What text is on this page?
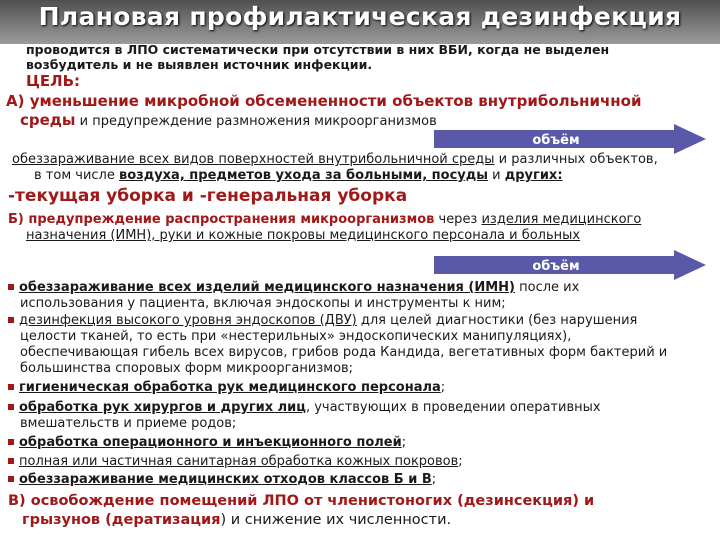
Плановая профилактическая дезинфекция
проводится в ЛПО систематически при отсутствии в них ВБИ, когда не выделен
возбудитель и не выявлен источник инфекции.
ЦЕЛЬ:
А) уменьшение микробной обсемененности объектов внутрибольничной
среды и предупреждение размножения микроорганизмов
объём
обеззараживание всех видов поверхностей внутрибольничной среды и различных объектов,
в том числе воздуха, предметов ухода за больными, посуды и других:
-текущая уборка и -генеральная уборка
Б) предупреждение распространения микроорганизмов через изделия медицинского
назначения (ИМН), руки и кожные покровы медицинского персонала и больных
объём
обеззараживание всех изделий медицинского назначения (ИМН) после их
использования у пациента, включая эндоскопы и инструменты к ним;
дезинфекция высокого уровня эндоскопов (ДВУ) для целей диагностики (без нарушения
целости тканей, то есть при «нестерильных» эндоскопических манипуляциях),
обеспечивающая гибель всех вирусов, грибов рода Кандида, вегетативных форм бактерий и
большинства споровых форм микроорганизмов;
гигиеническая обработка рук медицинского персонала;
обработка рук хирургов и других лиц, участвующих в проведении оперативных
вмешательств и приеме родов;
обработка операционного и инъекционного полей;
полная или частичная санитарная обработка кожных покровов;
обеззараживание медицинских отходов классов Б и В;
В) освобождение помещений ЛПО от членистоногих (дезинсекция) и
грызунов (дератизация) и снижение их численности.
